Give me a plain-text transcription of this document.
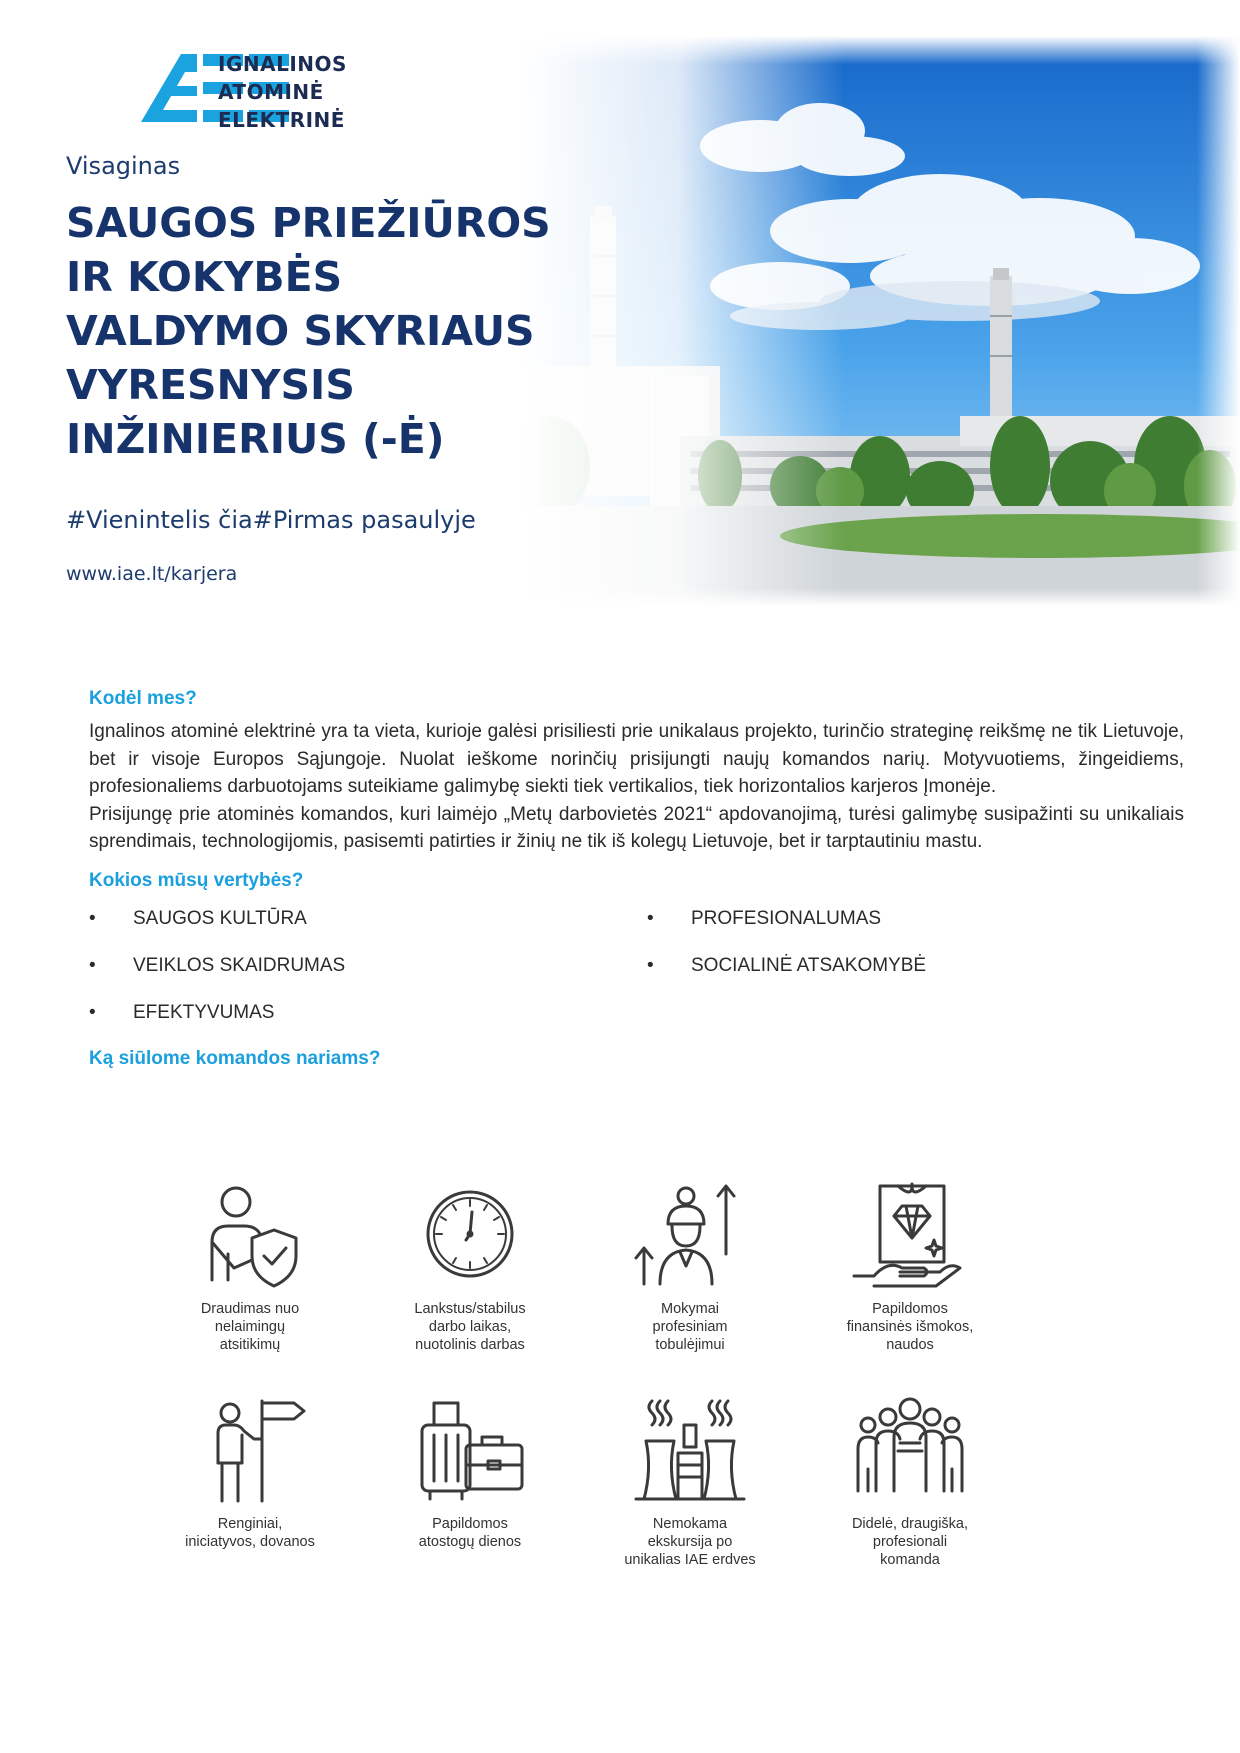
IGNALINOS
ATOMINĖ
ELEKTRINĖ
Visaginas
SAUGOS PRIEŽIŪROS
IR KOKYBĖS
VALDYMO SKYRIAUS
VYRESNYSIS
INŽINIERIUS (-Ė)
#Vienintelis čia#Pirmas pasaulyje
www.iae.lt/karjera

Kodėl mes?

Ignalinos atominė elektrinė yra ta vieta, kurioje galėsi prisiliesti prie unikalaus projekto, turinčio strateginę reikšmę ne tik Lietuvoje, bet ir visoje Europos Sąjungoje. Nuolat ieškome norinčių prisijungti naujų komandos narių. Motyvuotiems, žingeidiems, profesionaliems darbuotojams suteikiame galimybę siekti tiek vertikalios, tiek horizontalios karjeros Įmonėje.

Prisijungę prie atominės komandos, kuri laimėjo „Metų darbovietės 2021“ apdovanojimą, turėsi galimybę susipažinti su unikaliais sprendimais, technologijomis, pasisemti patirties ir žinių ne tik iš kolegų Lietuvoje, bet ir tarptautiniu mastu.

Kokios mūsų vertybės?

• SAUGOS KULTŪRA	• PROFESIONALUMAS
• VEIKLOS SKAIDRUMAS	• SOCIALINĖ ATSAKOMYBĖ
• EFEKTYVUMAS

Ką siūlome komandos nariams?

Draudimas nuo
nelaimingų
atsitikimų
Lankstus/stabilus
darbo laikas,
nuotolinis darbas
Mokymai
profesiniam
tobulėjimui
Papildomos
finansinės išmokos,
naudos
Renginiai,
iniciatyvos, dovanos
Papildomos
atostogų dienos
Nemokama
ekskursija po
unikalias IAE erdves
Didelė, draugiška,
profesionali
komanda
